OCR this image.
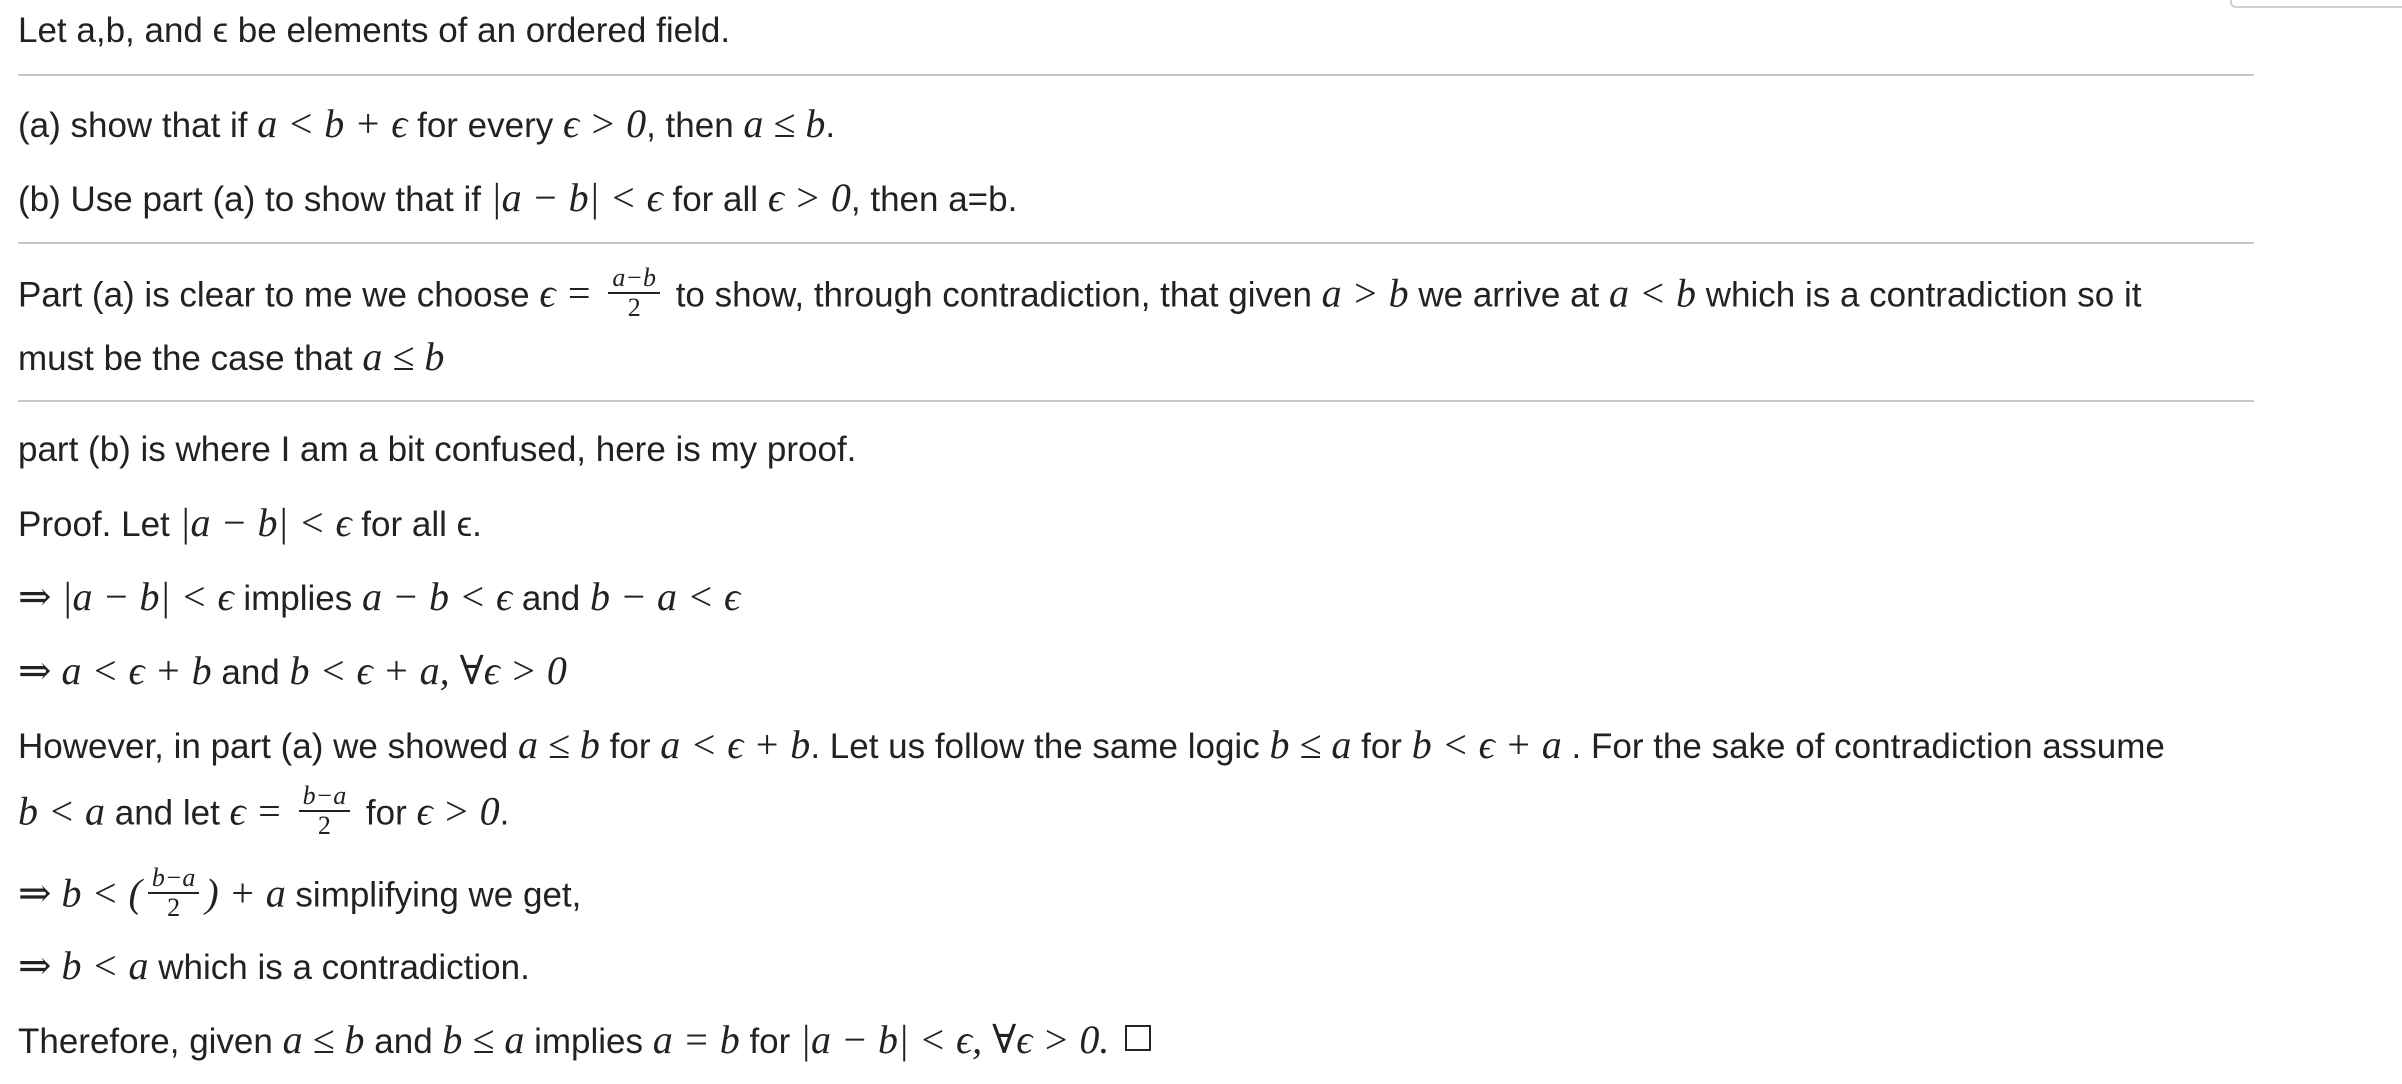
Let a,b, and ϵ be elements of an ordered field.
(a) show that if a < b + ϵ for every ϵ > 0, then a ≤ b.
(b) Use part (a) to show that if |a − b| < ϵ for all ϵ > 0, then a=b.
Part (a) is clear to me we choose $\epsilon = \frac{a-b}{2}$ to show, through contradiction, that given a > b we arrive at a < b which is a contradiction so it
must be the case that a ≤ b
part (b) is where I am a bit confused, here is my proof.
Proof. Let |a − b| < ϵ for all ϵ.
⇒ |a − b| < ϵ implies a − b < ϵ and b − a < ϵ
⇒ a < ϵ + b and b < ϵ + a, ∀ϵ > 0
However, in part (a) we showed a ≤ b for a < ϵ + b. Let us follow the same logic b ≤ a for b < ϵ + a . For the sake of contradiction assume
b < a and let $\epsilon = \frac{b-a}{2}$ for ϵ > 0.
⇒ b < ( $\frac{b-a}{2}$ ) + a simplifying we get,
⇒ b < a which is a contradiction.
Therefore, given a ≤ b and b ≤ a implies a = b for |a − b| < ϵ, ∀ϵ > 0.
